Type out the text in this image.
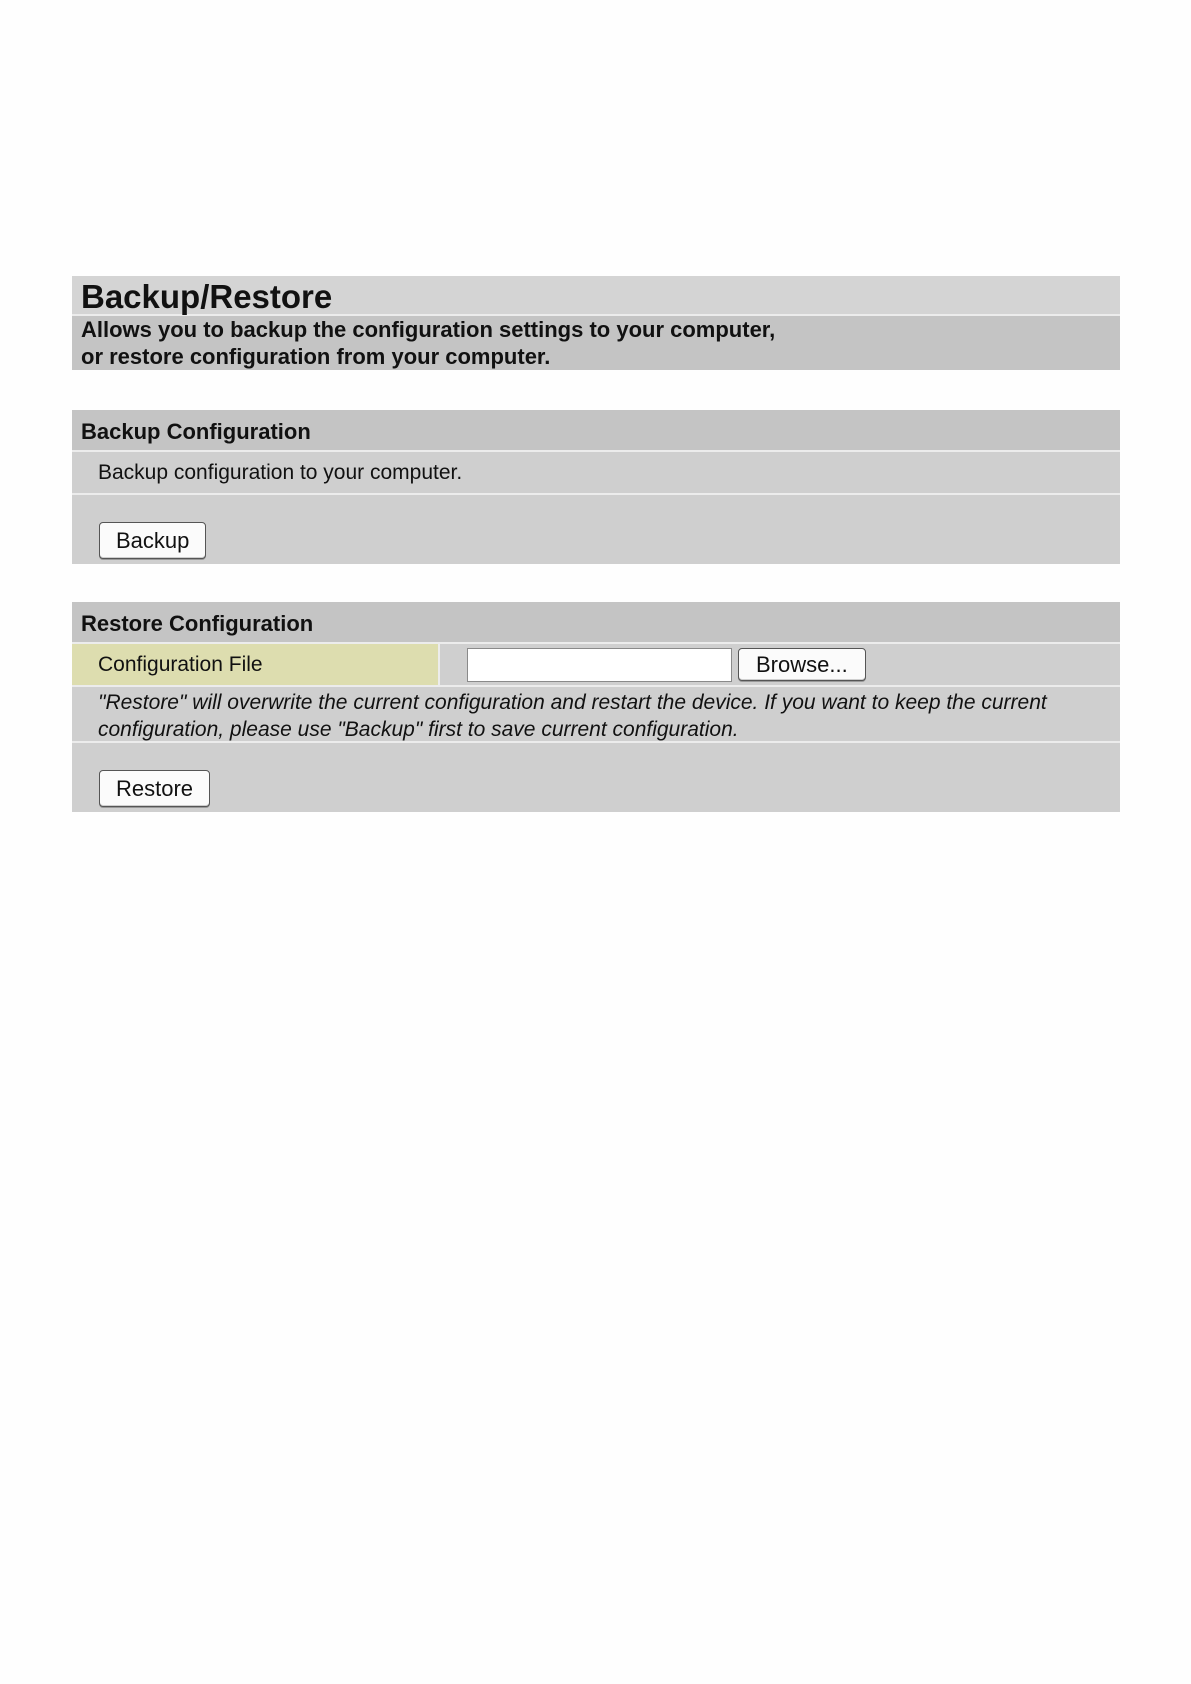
Backup/Restore
Allows you to backup the configuration settings to your computer,
or restore configuration from your computer.
Backup Configuration
Backup configuration to your computer.
Backup
Restore Configuration
Configuration File	Browse...
"Restore" will overwrite the current configuration and restart the device. If you want to keep the current
configuration, please use "Backup" first to save current configuration.
Restore
